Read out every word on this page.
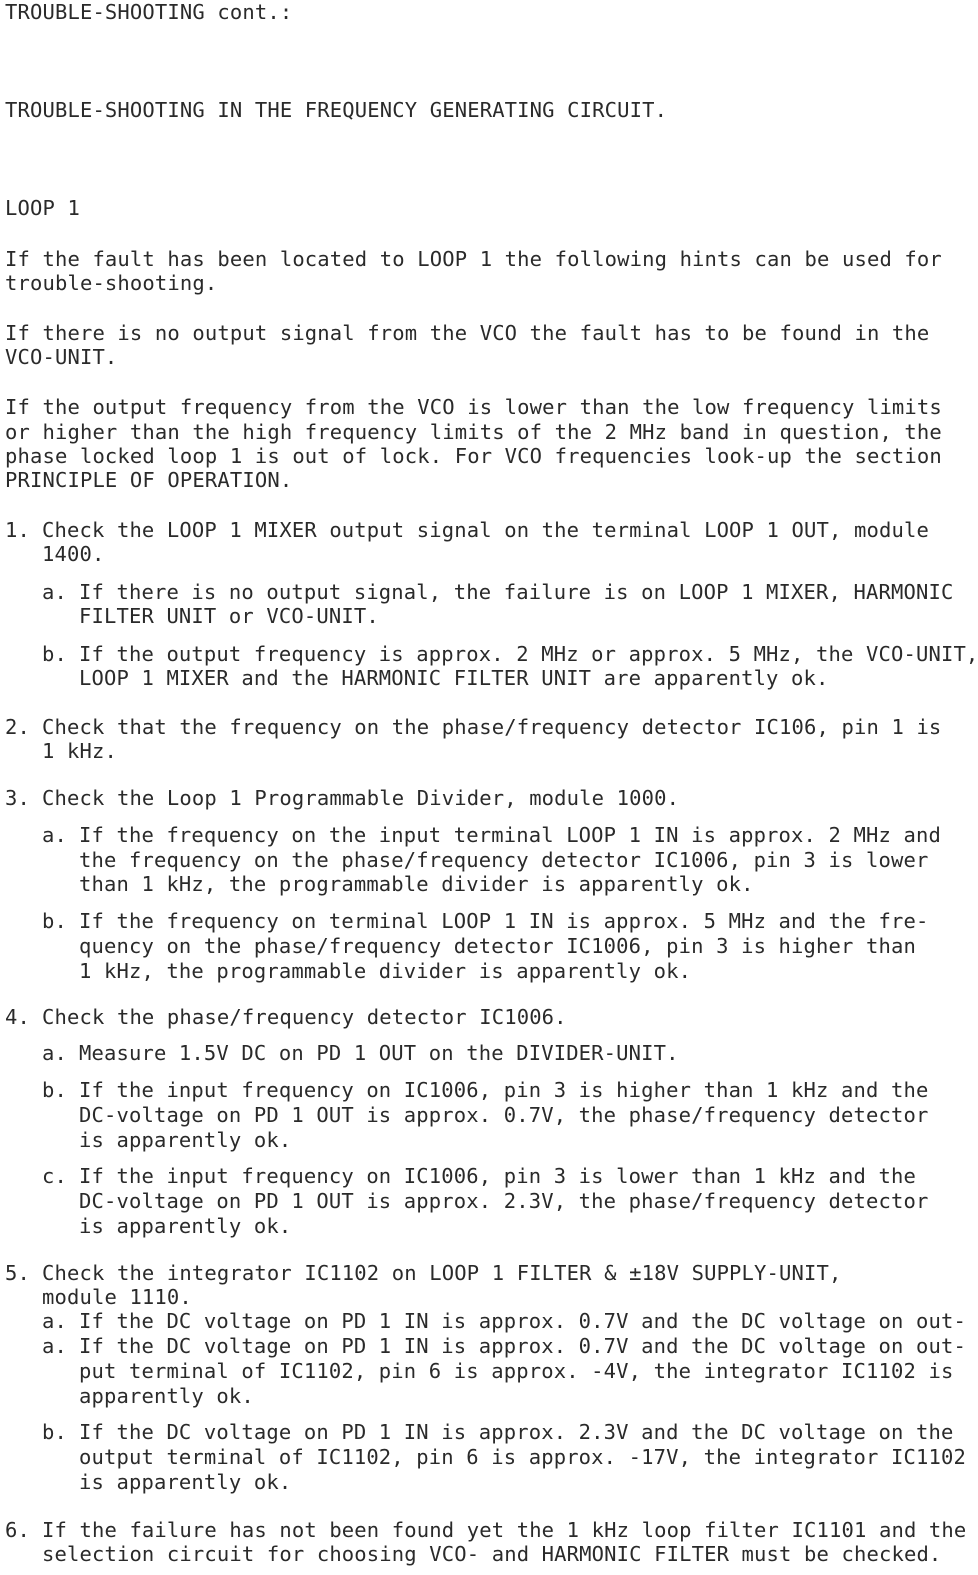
TROUBLE-SHOOTING cont.:
TROUBLE-SHOOTING IN THE FREQUENCY GENERATING CIRCUIT.
LOOP 1
If the fault has been located to LOOP 1 the following hints can be used for
trouble-shooting.
If there is no output signal from the VCO the fault has to be found in the
VCO-UNIT.
If the output frequency from the VCO is lower than the low frequency limits
or higher than the high frequency limits of the 2 MHz band in question, the
phase locked loop 1 is out of lock. For VCO frequencies look-up the section
PRINCIPLE OF OPERATION.
1. Check the LOOP 1 MIXER output signal on the terminal LOOP 1 OUT, module
1400.
a. If there is no output signal, the failure is on LOOP 1 MIXER, HARMONIC
FILTER UNIT or VCO-UNIT.
b. If the output frequency is approx. 2 MHz or approx. 5 MHz, the VCO-UNIT,
LOOP 1 MIXER and the HARMONIC FILTER UNIT are apparently ok.
2. Check that the frequency on the phase/frequency detector IC106, pin 1 is
1 kHz.
3. Check the Loop 1 Programmable Divider, module 1000.
a. If the frequency on the input terminal LOOP 1 IN is approx. 2 MHz and
the frequency on the phase/frequency detector IC1006, pin 3 is lower
than 1 kHz, the programmable divider is apparently ok.
b. If the frequency on terminal LOOP 1 IN is approx. 5 MHz and the fre-
quency on the phase/frequency detector IC1006, pin 3 is higher than
1 kHz, the programmable divider is apparently ok.
4. Check the phase/frequency detector IC1006.
a. Measure 1.5V DC on PD 1 OUT on the DIVIDER-UNIT.
b. If the input frequency on IC1006, pin 3 is higher than 1 kHz and the
DC-voltage on PD 1 OUT is approx. 0.7V, the phase/frequency detector
is apparently ok.
c. If the input frequency on IC1006, pin 3 is lower than 1 kHz and the
DC-voltage on PD 1 OUT is approx. 2.3V, the phase/frequency detector
is apparently ok.
5. Check the integrator IC1102 on LOOP 1 FILTER & ±18V SUPPLY-UNIT,
module 1110.
a. If the DC voltage on PD 1 IN is approx. 0.7V and the DC voltage on out-
a. If the DC voltage on PD 1 IN is approx. 0.7V and the DC voltage on out-
put terminal of IC1102, pin 6 is approx. -4V, the integrator IC1102 is
apparently ok.
b. If the DC voltage on PD 1 IN is approx. 2.3V and the DC voltage on the
output terminal of IC1102, pin 6 is approx. -17V, the integrator IC1102
is apparently ok.
6. If the failure has not been found yet the 1 kHz loop filter IC1101 and the
selection circuit for choosing VCO- and HARMONIC FILTER must be checked.
